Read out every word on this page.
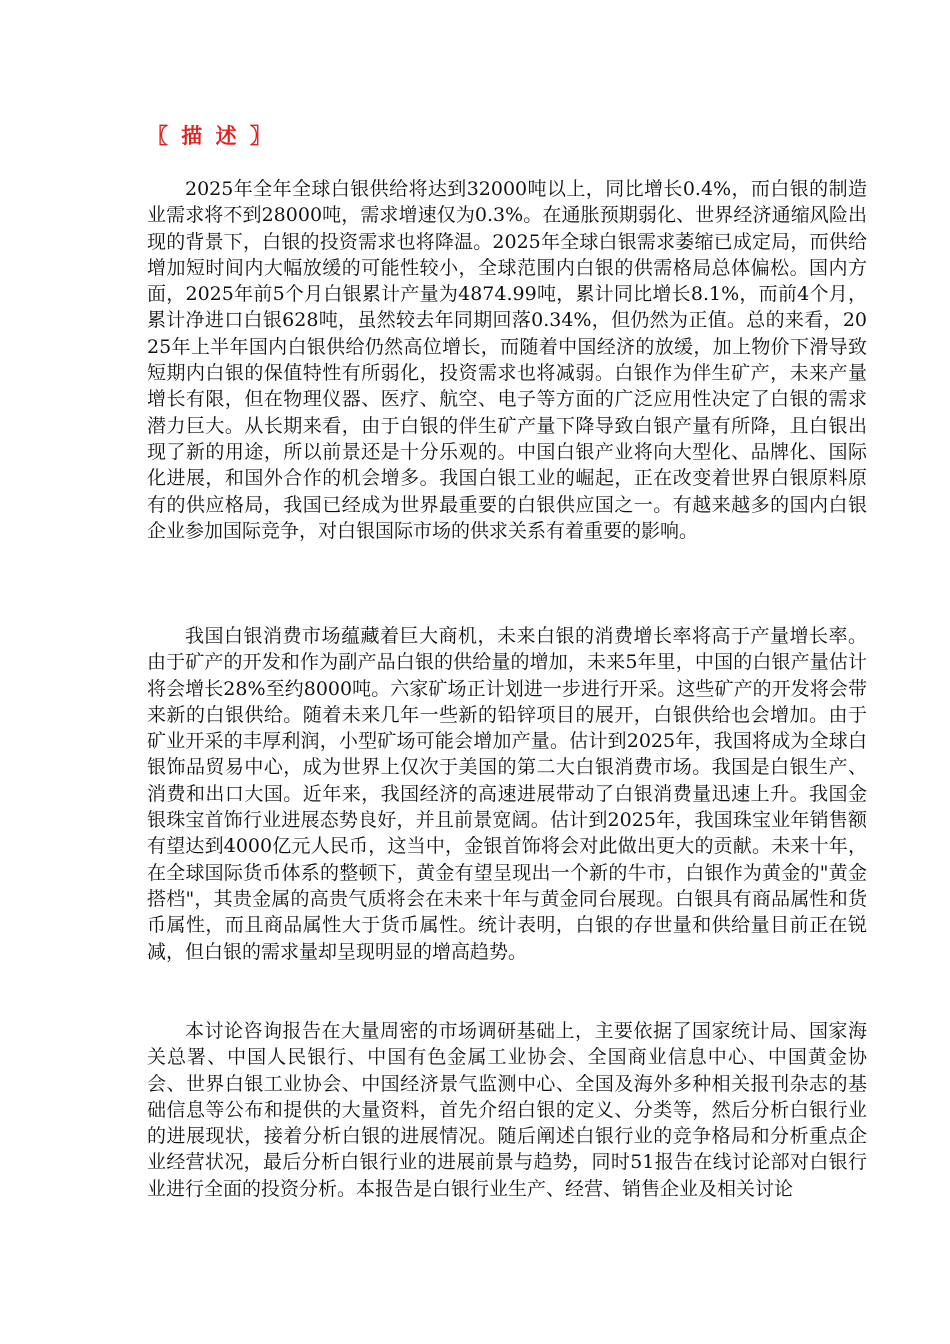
〖 描 述 〗

2025年全年全球白银供给将达到32000吨以上，同比增长0.4%，而白银的制造业需求将不到28000吨，需求增速仅为0.3%。在通胀预期弱化、世界经济通缩风险出现的背景下，白银的投资需求也将降温。2025年全球白银需求萎缩已成定局，而供给增加短时间内大幅放缓的可能性较小，全球范围内白银的供需格局总体偏松。国内方面，2025年前5个月白银累计产量为4874.99吨，累计同比增长8.1%，而前4个月，累计净进口白银628吨，虽然较去年同期回落0.34%，但仍然为正值。总的来看，2025年上半年国内白银供给仍然高位增长，而随着中国经济的放缓，加上物价下滑导致短期内白银的保值特性有所弱化，投资需求也将减弱。白银作为伴生矿产，未来产量增长有限，但在物理仪器、医疗、航空、电子等方面的广泛应用性决定了白银的需求潜力巨大。从长期来看，由于白银的伴生矿产量下降导致白银产量有所降，且白银出现了新的用途，所以前景还是十分乐观的。中国白银产业将向大型化、品牌化、国际化进展，和国外合作的机会增多。我国白银工业的崛起，正在改变着世界白银原料原有的供应格局，我国已经成为世界最重要的白银供应国之一。有越来越多的国内白银企业参加国际竞争，对白银国际市场的供求关系有着重要的影响。

我国白银消费市场蕴藏着巨大商机，未来白银的消费增长率将高于产量增长率。由于矿产的开发和作为副产品白银的供给量的增加，未来5年里，中国的白银产量估计将会增长28%至约8000吨。六家矿场正计划进一步进行开采。这些矿产的开发将会带来新的白银供给。随着未来几年一些新的铅锌项目的展开，白银供给也会增加。由于矿业开采的丰厚利润，小型矿场可能会增加产量。估计到2025年，我国将成为全球白银饰品贸易中心，成为世界上仅次于美国的第二大白银消费市场。我国是白银生产、消费和出口大国。近年来，我国经济的高速进展带动了白银消费量迅速上升。我国金银珠宝首饰行业进展态势良好，并且前景宽阔。估计到2025年，我国珠宝业年销售额有望达到4000亿元人民币，这当中，金银首饰将会对此做出更大的贡献。未来十年，在全球国际货币体系的整顿下，黄金有望呈现出一个新的牛市，白银作为黄金的"黄金搭档"，其贵金属的高贵气质将会在未来十年与黄金同台展现。白银具有商品属性和货币属性，而且商品属性大于货币属性。统计表明，白银的存世量和供给量目前正在锐减，但白银的需求量却呈现明显的增高趋势。

本讨论咨询报告在大量周密的市场调研基础上，主要依据了国家统计局、国家海关总署、中国人民银行、中国有色金属工业协会、全国商业信息中心、中国黄金协会、世界白银工业协会、中国经济景气监测中心、全国及海外多种相关报刊杂志的基础信息等公布和提供的大量资料，首先介绍白银的定义、分类等，然后分析白银行业的进展现状，接着分析白银的进展情况。随后阐述白银行业的竞争格局和分析重点企业经营状况，最后分析白银行业的进展前景与趋势，同时51报告在线讨论部对白银行业进行全面的投资分析。本报告是白银行业生产、经营、销售企业及相关讨论
